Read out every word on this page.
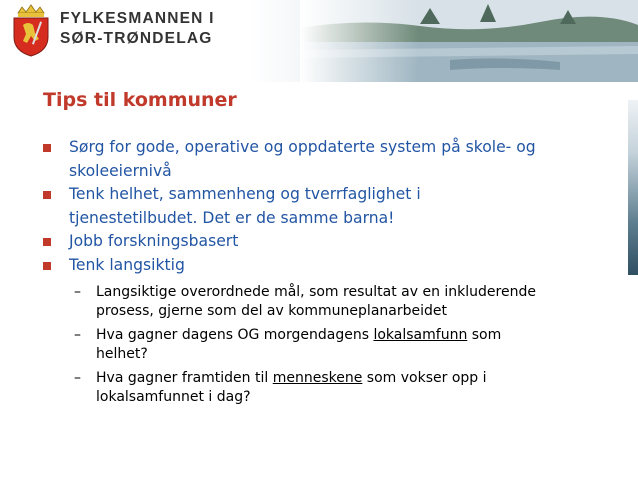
FYLKESMANNEN I
SØR-TRØNDELAG

Tips til kommuner
Sørg for gode, operative og oppdaterte system på skole- og skoleeiernivå
Tenk helhet, sammenheng og tverrfaglighet i tjenestetilbudet. Det er de samme barna!
Jobb forskningsbasert
Tenk langsiktig
– Langsiktige overordnede mål, som resultat av en inkluderende prosess, gjerne som del av kommuneplanarbeidet
– Hva gagner dagens OG morgendagens lokalsamfunn som helhet?
– Hva gagner framtiden til menneskene som vokser opp i lokalsamfunnet i dag?
